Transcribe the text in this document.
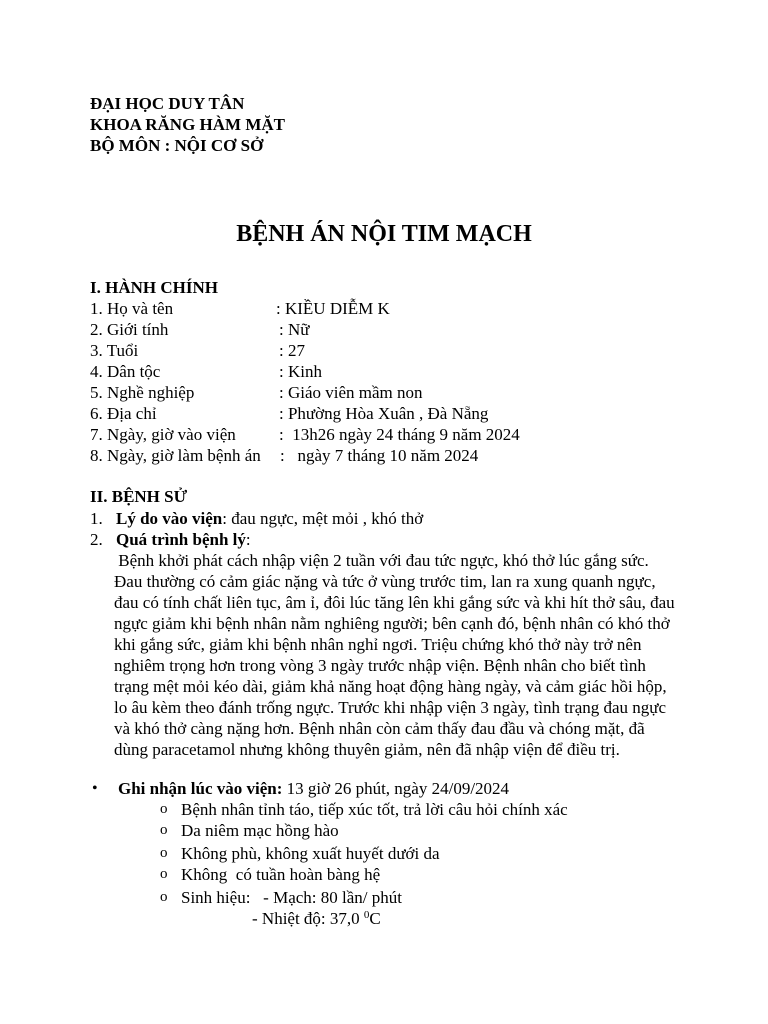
ĐẠI HỌC DUY TÂN
KHOA RĂNG HÀM MẶT
BỘ MÔN : NỘI CƠ SỞ
BỆNH ÁN NỘI TIM MẠCH
I. HÀNH CHÍNH
1. Họ và tên	: KIỀU DIỄM K
2. Giới tính	: Nữ
3. Tuổi	: 27
4. Dân tộc	: Kinh
5. Nghề nghiệp	: Giáo viên mầm non
6. Địa chỉ	: Phường Hòa Xuân , Đà Nẵng
7. Ngày, giờ vào viện	:  13h26 ngày 24 tháng 9 năm 2024
8. Ngày, giờ làm bệnh án :   ngày 7 tháng 10 năm 2024
II. BỆNH SỬ
1. Lý do vào viện: đau ngực, mệt mỏi , khó thở
2. Quá trình bệnh lý:
Bệnh khởi phát cách nhập viện 2 tuần với đau tức ngực, khó thở lúc gắng sức.
Đau thường có cảm giác nặng và tức ở vùng trước tim, lan ra xung quanh ngực,
đau có tính chất liên tục, âm ỉ, đôi lúc tăng lên khi gắng sức và khi hít thở sâu, đau
ngực giảm khi bệnh nhân nằm nghiêng người; bên cạnh đó, bệnh nhân có khó thở
khi gắng sức, giảm khi bệnh nhân nghỉ ngơi. Triệu chứng khó thở này trở nên
nghiêm trọng hơn trong vòng 3 ngày trước nhập viện. Bệnh nhân cho biết tình
trạng mệt mỏi kéo dài, giảm khả năng hoạt động hàng ngày, và cảm giác hồi hộp,
lo âu kèm theo đánh trống ngực. Trước khi nhập viện 3 ngày, tình trạng đau ngực
và khó thở càng nặng hơn. Bệnh nhân còn cảm thấy đau đầu và chóng mặt, đã
dùng paracetamol nhưng không thuyên giảm, nên đã nhập viện để điều trị.
• Ghi nhận lúc vào viện: 13 giờ 26 phút, ngày 24/09/2024
o Bệnh nhân tỉnh táo, tiếp xúc tốt, trả lời câu hỏi chính xác
o Da niêm mạc hồng hào
o Không phù, không xuất huyết dưới da
o Không  có tuần hoàn bàng hệ
o Sinh hiệu:   - Mạch: 80 lần/ phút
- Nhiệt độ: 37,0 $^0$C
